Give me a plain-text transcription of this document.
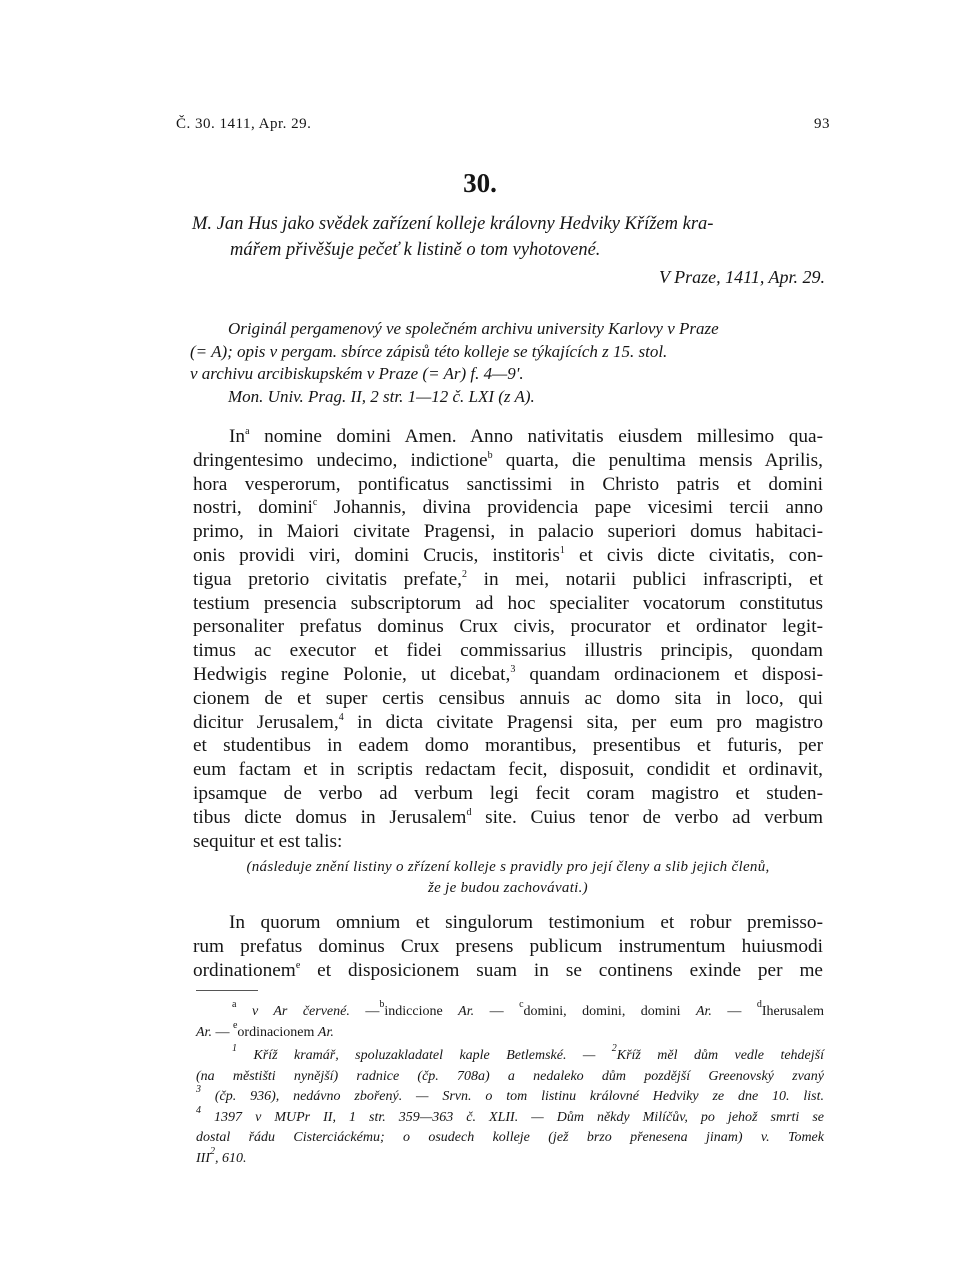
Č. 30. 1411, Apr. 29.	93
30.
M. Jan Hus jako svědek zařízení kolleje královny Hedviky Křížem kra-
mářem přivěšuje pečeť k listině o tom vyhotovené.
V Praze, 1411, Apr. 29.
Originál pergamenový ve společném archivu university Karlovy v Praze
(= A); opis v pergam. sbírce zápisů této kolleje se týkajících z 15. stol.
v archivu arcibiskupském v Praze (= Ar) f. 4—9'.
Mon. Univ. Prag. II, 2 str. 1—12 č. LXI (z A).
In$^a$ nomine domini Amen. Anno nativitatis eiusdem millesimo qua-
dringentesimo undecimo, indictione$^b$ quarta, die penultima mensis Aprilis,
hora vesperorum, pontificatus sanctissimi in Christo patris et domini
nostri, domini$^c$ Johannis, divina providencia pape vicesimi tercii anno
primo, in Maiori civitate Pragensi, in palacio superiori domus habitaci-
onis providi viri, domini Crucis, institoris$^1$ et civis dicte civitatis, con-
tigua pretorio civitatis prefate,$^2$ in mei, notarii publici infrascripti, et
testium presencia subscriptorum ad hoc specialiter vocatorum constitutus
personaliter prefatus dominus Crux civis, procurator et ordinator legit-
timus ac executor et fidei commissarius illustris principis, quondam
Hedwigis regine Polonie, ut dicebat,$^3$ quandam ordinacionem et disposi-
cionem de et super certis censibus annuis ac domo sita in loco, qui
dicitur Jerusalem,$^4$ in dicta civitate Pragensi sita, per eum pro magistro
et studentibus in eadem domo morantibus, presentibus et futuris, per
eum factam et in scriptis redactam fecit, disposuit, condidit et ordinavit,
ipsamque de verbo ad verbum legi fecit coram magistro et studen-
tibus dicte domus in Jerusalem$^d$ site. Cuius tenor de verbo ad verbum
sequitur et est talis:
(následuje znění listiny o zřízení kolleje s pravidly pro její členy a slib jejich členů,
že je budou zachovávati.)
In quorum omnium et singulorum testimonium et robur premisso-
rum prefatus dominus Crux presens publicum instrumentum huiusmodi
ordinationem$^e$ et disposicionem suam in se continens exinde per me
$^a$ v Ar červené. —$^b$indiccione Ar. — $^c$domini, domini, domini Ar. — $^d$Iherusalem
Ar. — $^e$ordinacionem Ar.
$^1$ Kříž kramář, spoluzakladatel kaple Betlemské. — $^2$Kříž měl dům vedle tehdejší
(na městišti nynější) radnice (čp. 708a) a nedaleko dům pozdější Greenovský zvaný
$^3$ (čp. 936), nedávno zbořený. — Srvn. o tom listinu královné Hedviky ze dne 10. list.
$^4$ 1397 v MUPr II, 1 str. 359—363 č. XLII. — Dům někdy Milíčův, po jehož smrti se
dostal řádu Cisterciáckému; o osudech kolleje (jež brzo přenesena jinam) v. Tomek
III$^2$, 610.
